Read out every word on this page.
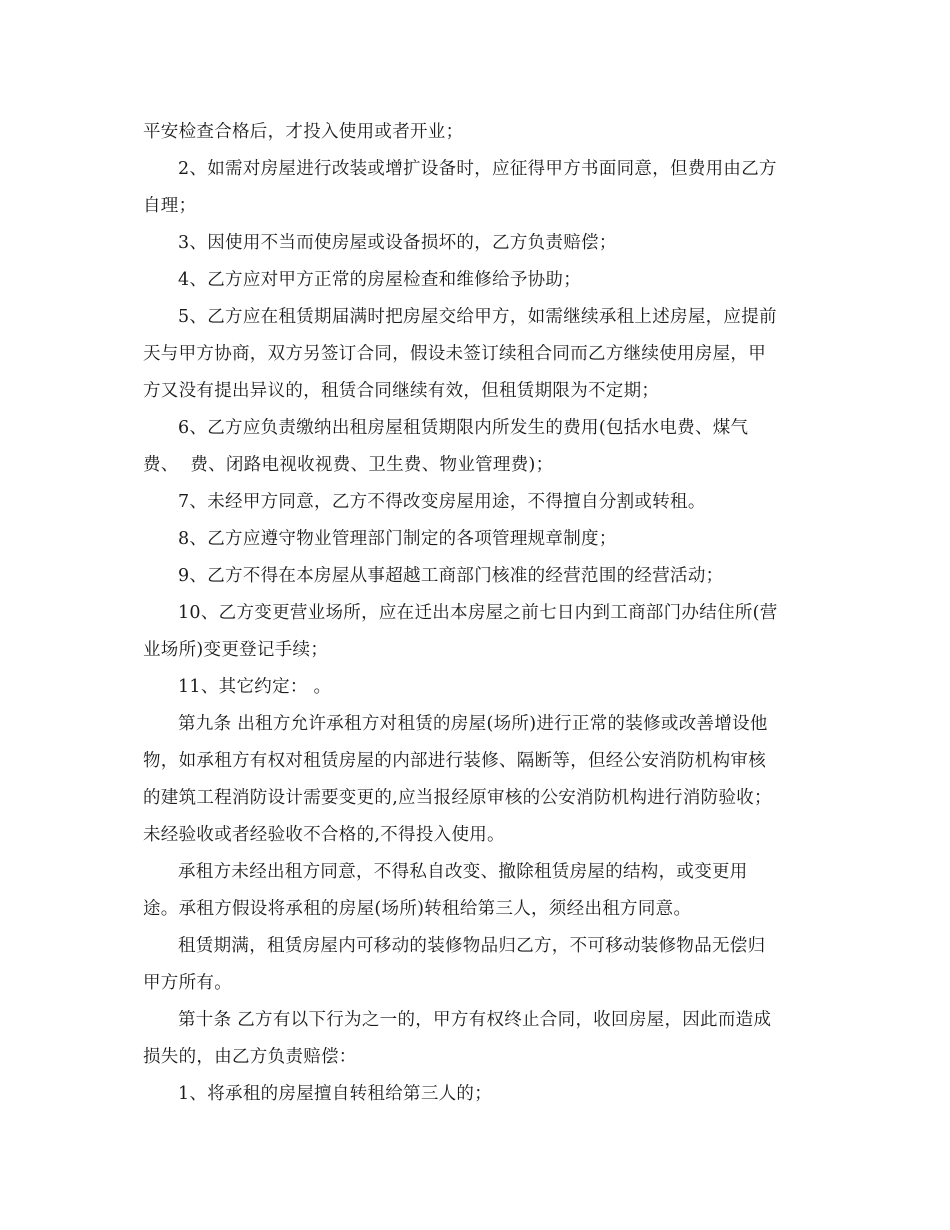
平安检查合格后，才投入使用或者开业；
2、如需对房屋进行改装或增扩设备时，应征得甲方书面同意，但费用由乙方
自理；
3、因使用不当而使房屋或设备损坏的，乙方负责赔偿；
4、乙方应对甲方正常的房屋检查和维修给予协助；
5、乙方应在租赁期届满时把房屋交给甲方，如需继续承租上述房屋，应提前
天与甲方协商，双方另签订合同，假设未签订续租合同而乙方继续使用房屋，甲
方又没有提出异议的，租赁合同继续有效，但租赁期限为不定期；
6、乙方应负责缴纳出租房屋租赁期限内所发生的费用(包括水电费、煤气
费、  费、闭路电视收视费、卫生费、物业管理费)；
7、未经甲方同意，乙方不得改变房屋用途，不得擅自分割或转租。
8、乙方应遵守物业管理部门制定的各项管理规章制度；
9、乙方不得在本房屋从事超越工商部门核准的经营范围的经营活动；
10、乙方变更营业场所，应在迁出本房屋之前七日内到工商部门办结住所(营
业场所)变更登记手续；
11、其它约定： 。
第九条 出租方允许承租方对租赁的房屋(场所)进行正常的装修或改善增设他
物，如承租方有权对租赁房屋的内部进行装修、隔断等，但经公安消防机构审核
的建筑工程消防设计需要变更的,应当报经原审核的公安消防机构进行消防验收；
未经验收或者经验收不合格的,不得投入使用。
承租方未经出租方同意，不得私自改变、撤除租赁房屋的结构，或变更用
途。承租方假设将承租的房屋(场所)转租给第三人，须经出租方同意。
租赁期满，租赁房屋内可移动的装修物品归乙方，不可移动装修物品无偿归
甲方所有。
第十条 乙方有以下行为之一的，甲方有权终止合同，收回房屋，因此而造成
损失的，由乙方负责赔偿：
1、将承租的房屋擅自转租给第三人的；
